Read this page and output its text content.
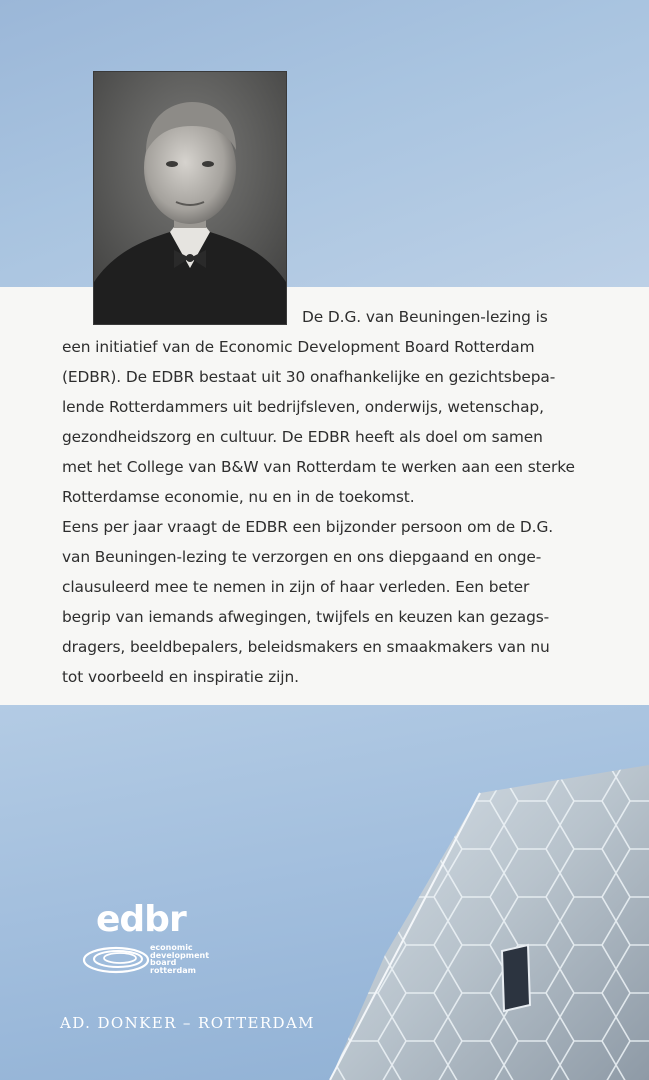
De D.G. van Beuningen-lezing is
een initiatief van de Economic Development Board Rotterdam
(EDBR). De EDBR bestaat uit 30 onafhankelijke en gezichtsbepa-
lende Rotterdammers uit bedrijfsleven, onderwijs, wetenschap,
gezondheidszorg en cultuur. De EDBR heeft als doel om samen
met het College van B&W van Rotterdam te werken aan een sterke
Rotterdamse economie, nu en in de toekomst.
Eens per jaar vraagt de EDBR een bijzonder persoon om de D.G.
van Beuningen-lezing te verzorgen en ons diepgaand en onge-
clausuleerd mee te nemen in zijn of haar verleden. Een beter
begrip van iemands afwegingen, twijfels en keuzen kan gezags-
dragers, beeldbepalers, beleidsmakers en smaakmakers van nu
tot voorbeeld en inspiratie zijn.
edbr
economic
development
board
rotterdam
AD. DONKER – ROTTERDAM
